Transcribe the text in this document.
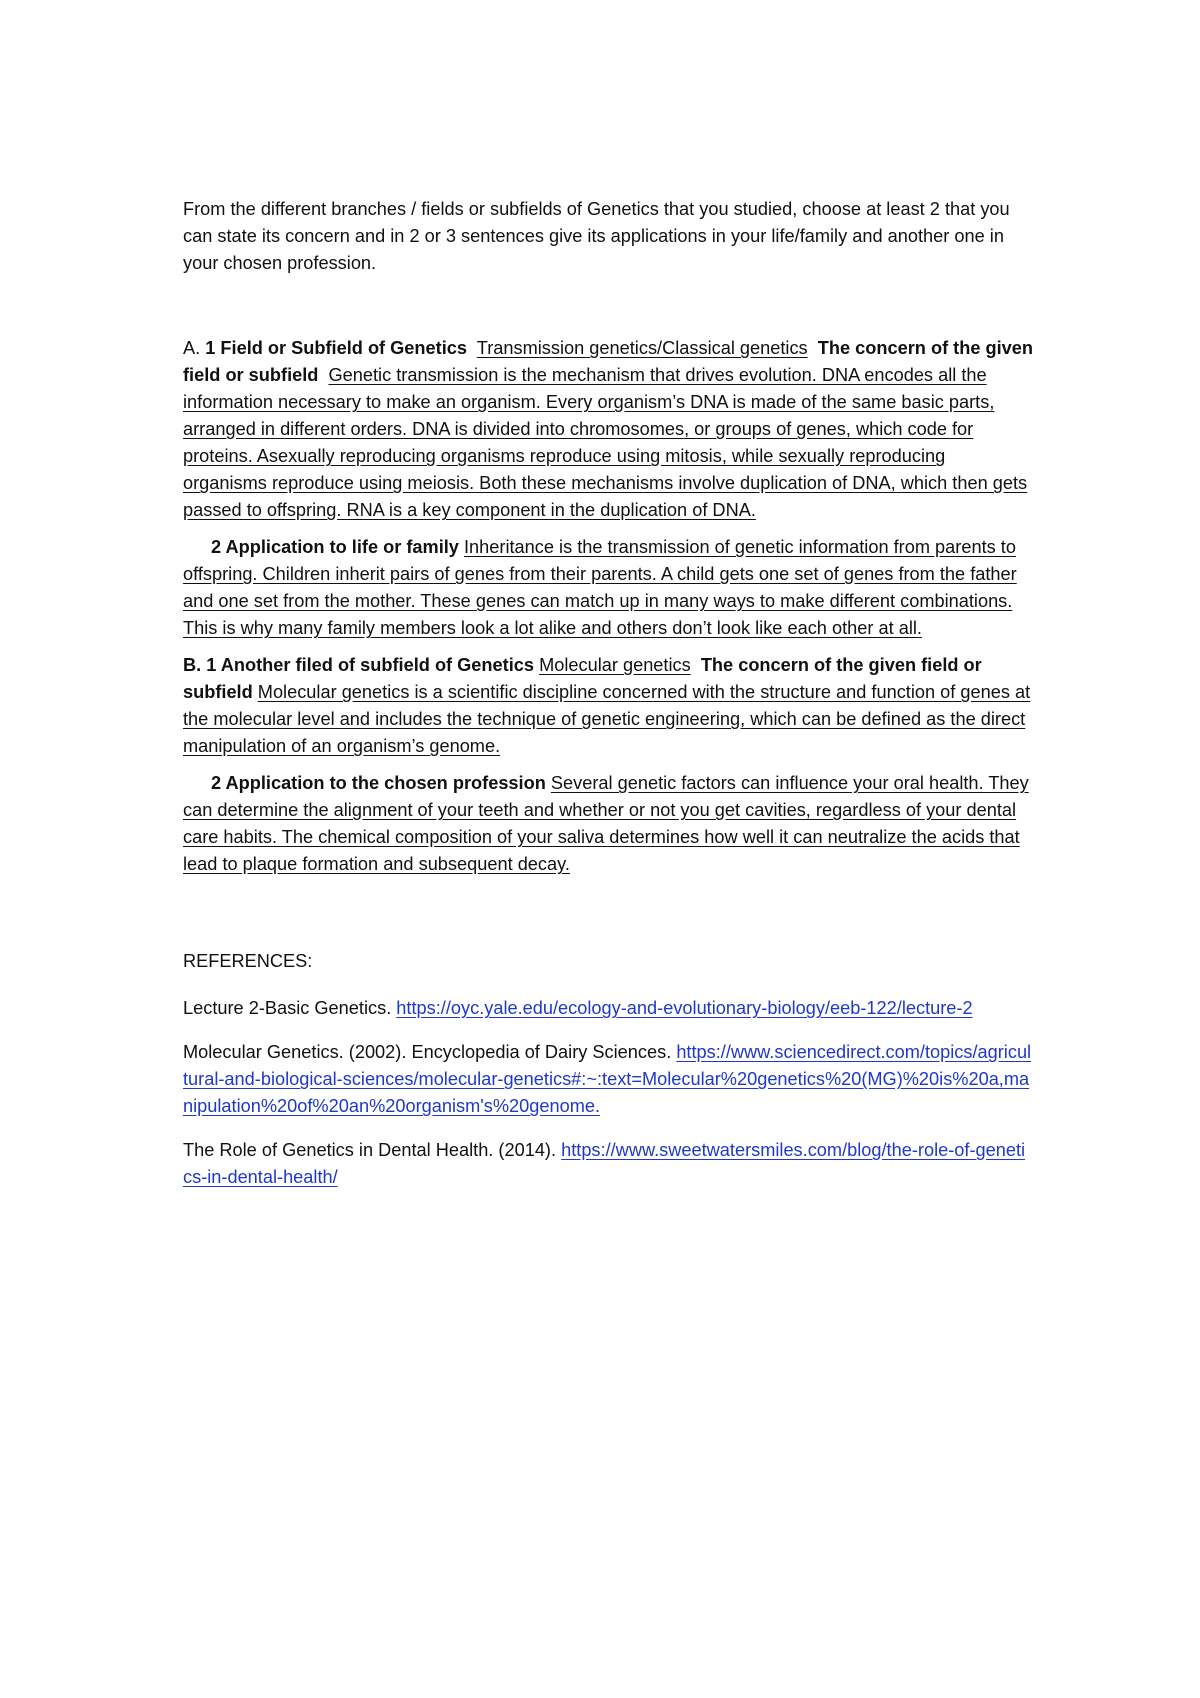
From the different branches / fields or subfields of Genetics that you studied, choose at least 2 that you can state its concern and in 2 or 3 sentences give its applications in your life/family and another one in your chosen profession.

A. 1 Field or Subfield of Genetics Transmission genetics/Classical genetics The concern of the given field or subfield Genetic transmission is the mechanism that drives evolution. DNA encodes all the information necessary to make an organism. Every organism’s DNA is made of the same basic parts, arranged in different orders. DNA is divided into chromosomes, or groups of genes, which code for proteins. Asexually reproducing organisms reproduce using mitosis, while sexually reproducing organisms reproduce using meiosis. Both these mechanisms involve duplication of DNA, which then gets passed to offspring. RNA is a key component in the duplication of DNA.

2 Application to life or family Inheritance is the transmission of genetic information from parents to offspring. Children inherit pairs of genes from their parents. A child gets one set of genes from the father and one set from the mother. These genes can match up in many ways to make different combinations. This is why many family members look a lot alike and others don’t look like each other at all.

B. 1 Another filed of subfield of Genetics Molecular genetics The concern of the given field or subfield Molecular genetics is a scientific discipline concerned with the structure and function of genes at the molecular level and includes the technique of genetic engineering, which can be defined as the direct manipulation of an organism’s genome.

2 Application to the chosen profession Several genetic factors can influence your oral health. They can determine the alignment of your teeth and whether or not you get cavities, regardless of your dental care habits. The chemical composition of your saliva determines how well it can neutralize the acids that lead to plaque formation and subsequent decay.

REFERENCES:

Lecture 2-Basic Genetics. https://oyc.yale.edu/ecology-and-evolutionary-biology/eeb-122/lecture-2

Molecular Genetics. (2002). Encyclopedia of Dairy Sciences. https://www.sciencedirect.com/topics/agricultural-and-biological-sciences/molecular-genetics#:~:text=Molecular%20genetics%20(MG)%20is%20a,manipulation%20of%20an%20organism's%20genome.

The Role of Genetics in Dental Health. (2014). https://www.sweetwatersmiles.com/blog/the-role-of-genetics-in-dental-health/
